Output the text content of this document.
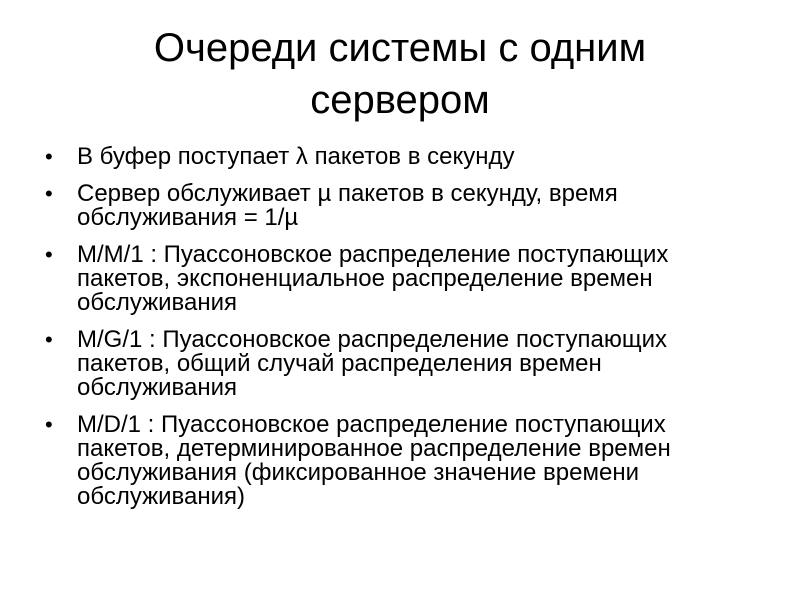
Очереди системы с одним сервером
• В буфер поступает λ пакетов в секунду
• Сервер обслуживает µ пакетов в секунду, время обслуживания = 1/µ
• M/M/1 : Пуассоновское распределение поступающих пакетов, экспоненциальное распределение времен обслуживания
• M/G/1 : Пуассоновское распределение поступающих пакетов, общий случай распределения времен обслуживания
• M/D/1 : Пуассоновское распределение поступающих пакетов, детерминированное распределение времен обслуживания (фиксированное значение времени обслуживания)
